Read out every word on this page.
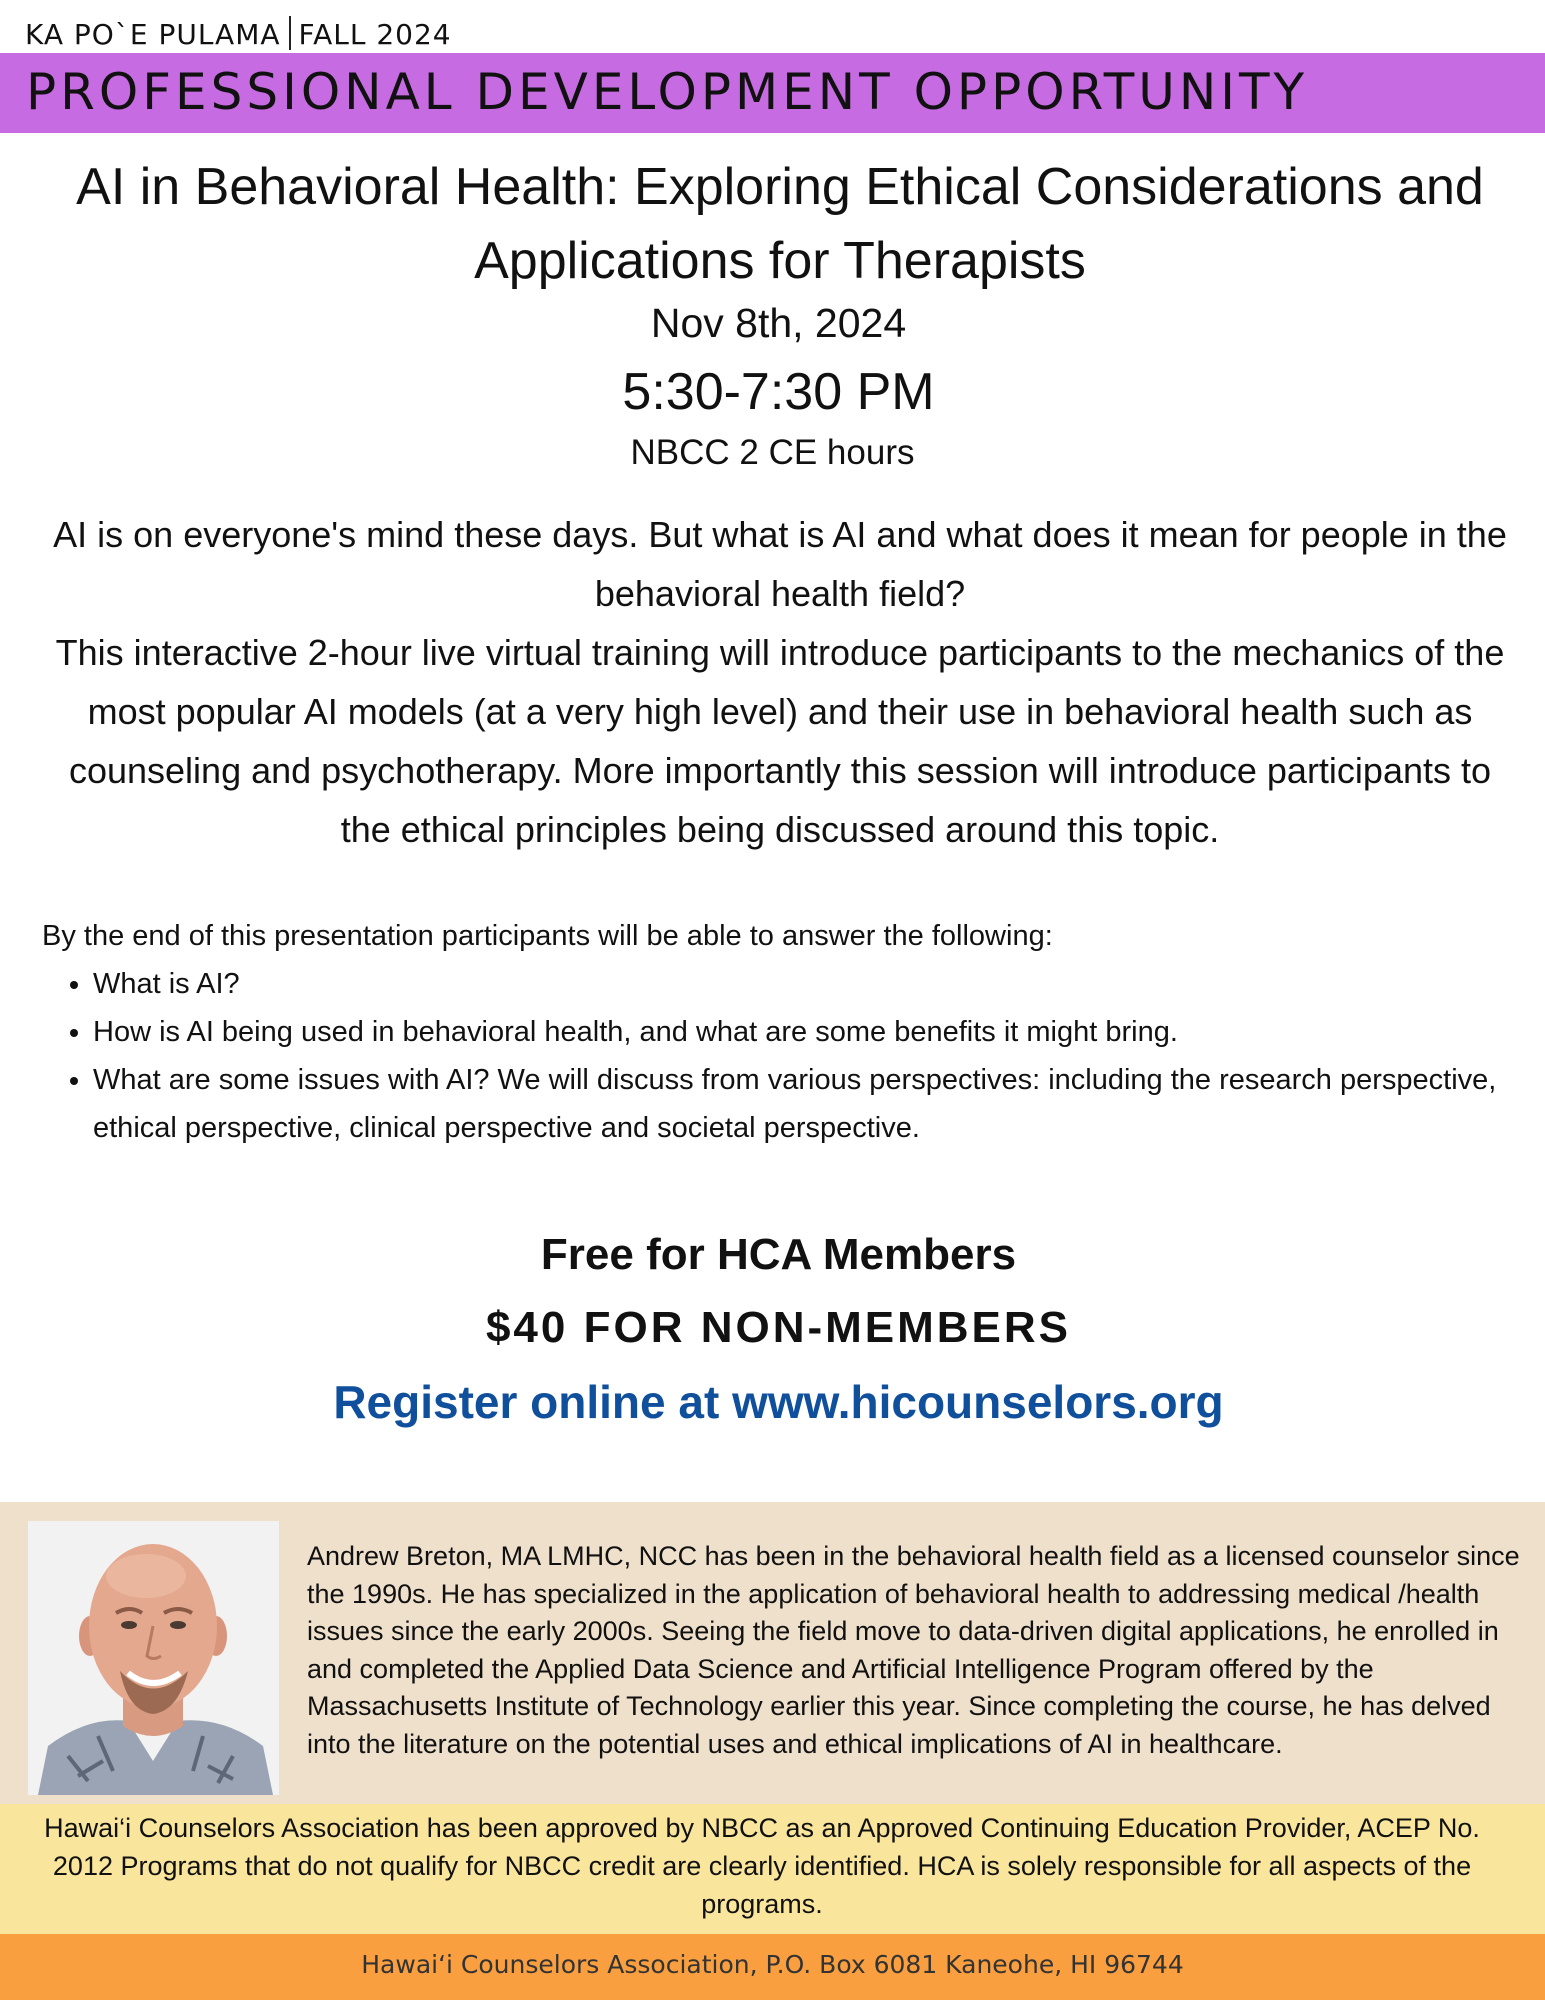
KA PO`E PULAMA FALL 2024
PROFESSIONAL DEVELOPMENT OPPORTUNITY
AI in Behavioral Health: Exploring Ethical Considerations and
Applications for Therapists
Nov 8th, 2024
5:30-7:30 PM
NBCC 2 CE hours

AI is on everyone's mind these days. But what is AI and what does it mean for people in the behavioral health field?

This interactive 2-hour live virtual training will introduce participants to the mechanics of the most popular AI models (at a very high level) and their use in behavioral health such as counseling and psychotherapy. More importantly this session will introduce participants to the ethical principles being discussed around this topic.

By the end of this presentation participants will be able to answer the following:

• What is AI?
• How is AI being used in behavioral health, and what are some benefits it might bring.
• What are some issues with AI? We will discuss from various perspectives: including the research perspective, ethical perspective, clinical perspective and societal perspective.
Free for HCA Members
$40 FOR NON-MEMBERS
Register online at www.hicounselors.org
Andrew Breton, MA LMHC, NCC has been in the behavioral health field as a licensed counselor since the 1990s. He has specialized in the application of behavioral health to addressing medical /health issues since the early 2000s. Seeing the field move to data-driven digital applications, he enrolled in and completed the Applied Data Science and Artificial Intelligence Program offered by the Massachusetts Institute of Technology earlier this year. Since completing the course, he has delved into the literature on the potential uses and ethical implications of AI in healthcare.
Hawai‘i Counselors Association has been approved by NBCC as an Approved Continuing Education Provider, ACEP No. 2012 Programs that do not qualify for NBCC credit are clearly identified. HCA is solely responsible for all aspects of the programs.
Hawai‘i Counselors Association, P.O. Box 6081 Kaneohe, HI 96744
